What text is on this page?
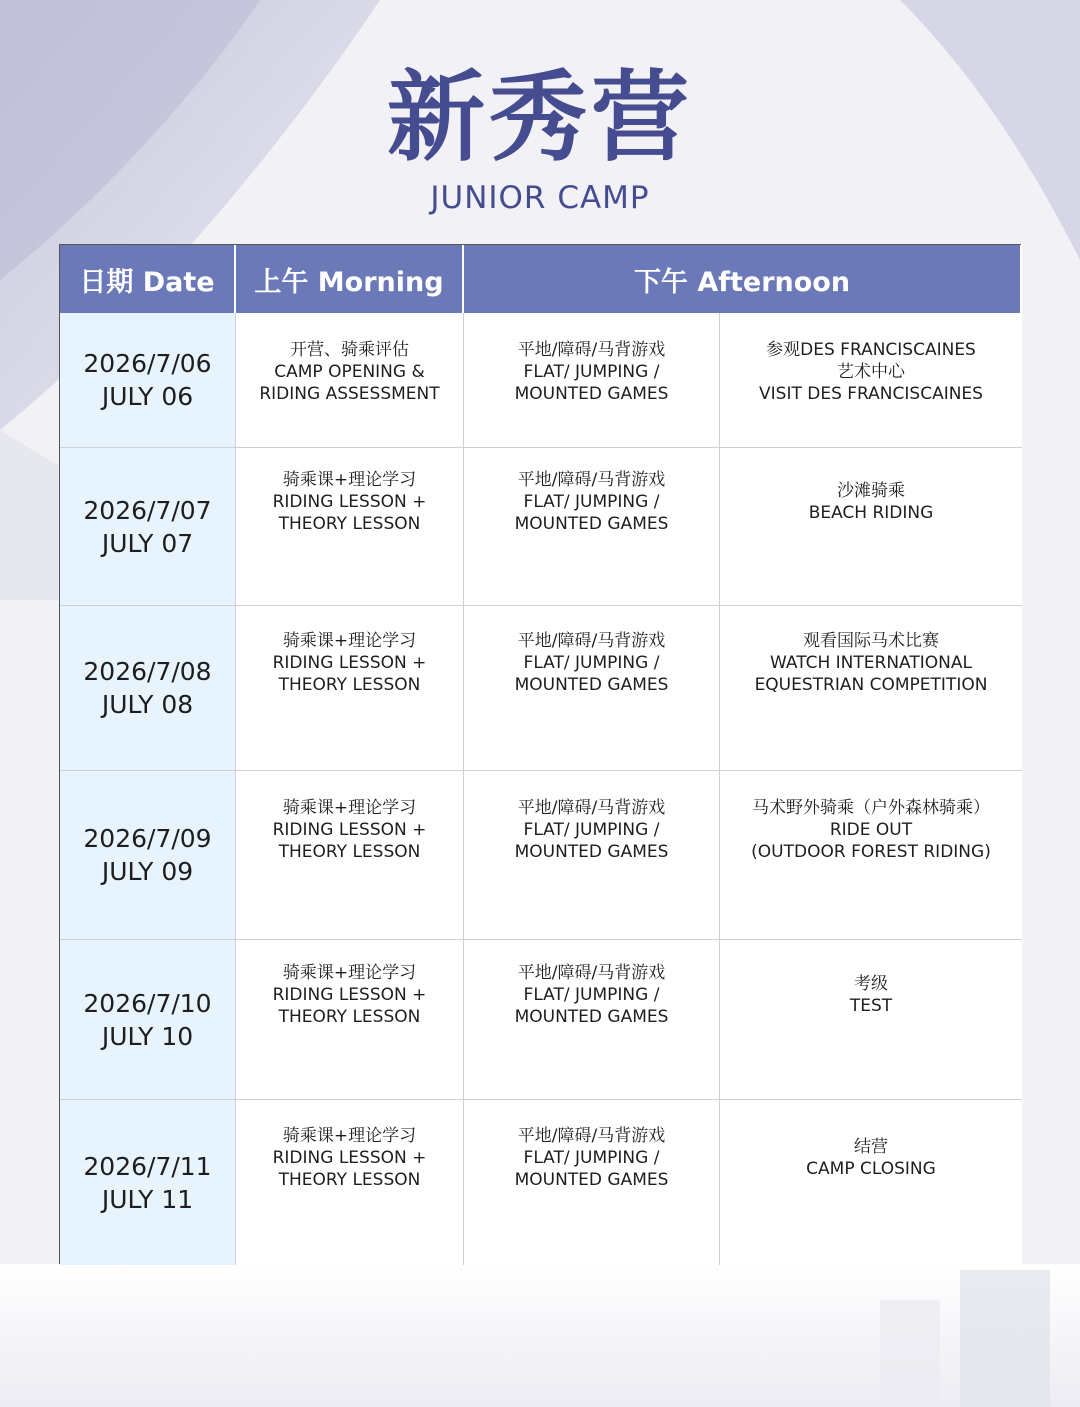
新秀营
JUNIOR CAMP
日期 Date	上午 Morning	下午 Afternoon
2026/7/06
JULY 06
开营、骑乘评估
CAMP OPENING &
RIDING ASSESSMENT
平地/障碍/马背游戏
FLAT/ JUMPING /
MOUNTED GAMES
参观DES FRANCISCAINES
艺术中心
VISIT DES FRANCISCAINES
2026/7/07
JULY 07
骑乘课+理论学习
RIDING LESSON +
THEORY LESSON
平地/障碍/马背游戏
FLAT/ JUMPING /
MOUNTED GAMES
沙滩骑乘
BEACH RIDING
2026/7/08
JULY 08
骑乘课+理论学习
RIDING LESSON +
THEORY LESSON
平地/障碍/马背游戏
FLAT/ JUMPING /
MOUNTED GAMES
观看国际马术比赛
WATCH INTERNATIONAL
EQUESTRIAN COMPETITION
2026/7/09
JULY 09
骑乘课+理论学习
RIDING LESSON +
THEORY LESSON
平地/障碍/马背游戏
FLAT/ JUMPING /
MOUNTED GAMES
马术野外骑乘（户外森林骑乘）
RIDE OUT
(OUTDOOR FOREST RIDING)
2026/7/10
JULY 10
骑乘课+理论学习
RIDING LESSON +
THEORY LESSON
平地/障碍/马背游戏
FLAT/ JUMPING /
MOUNTED GAMES
考级
TEST
2026/7/11
JULY 11
骑乘课+理论学习
RIDING LESSON +
THEORY LESSON
平地/障碍/马背游戏
FLAT/ JUMPING /
MOUNTED GAMES
结营
CAMP CLOSING
